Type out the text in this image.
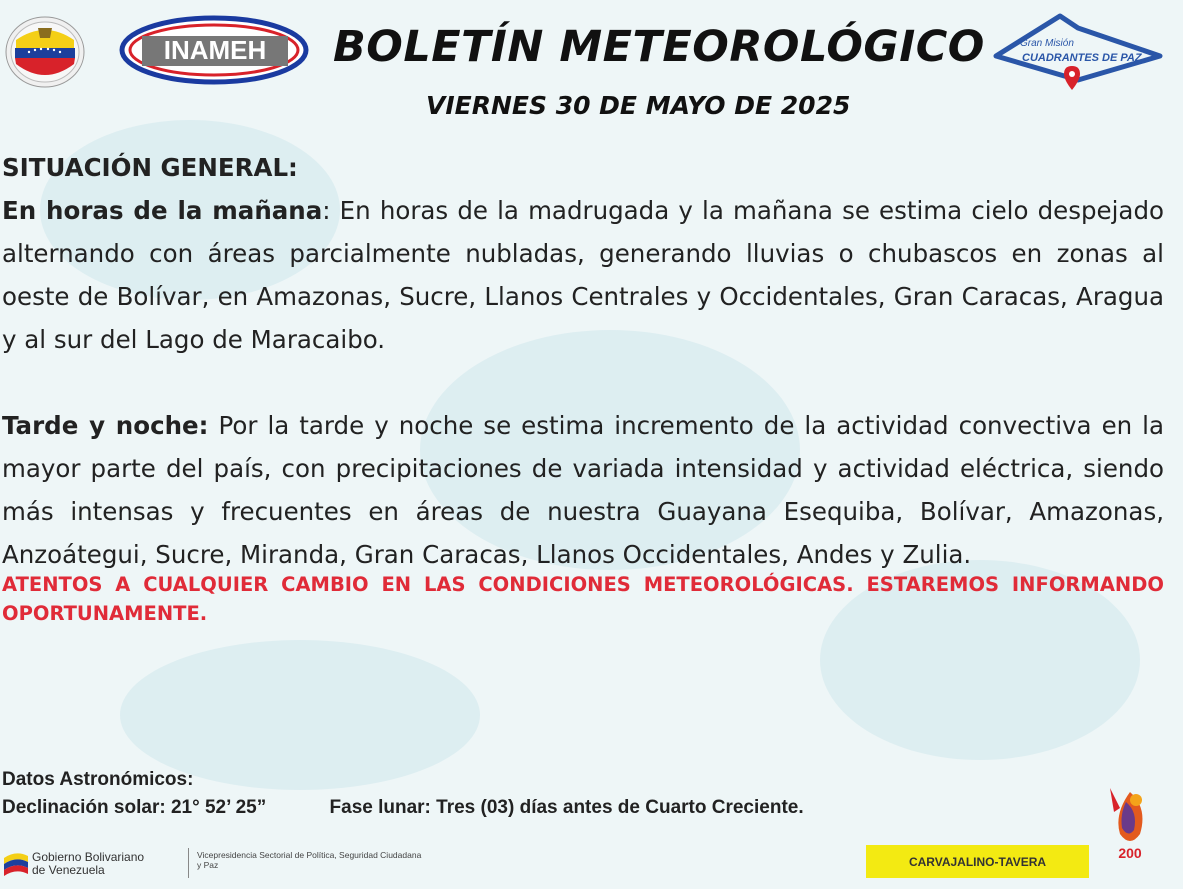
INAMEH BOLETÍN METEOROLÓGICO
VIERNES 30 DE MAYO DE 2025
Gran Misión
CUADRANTES DE PAZ

SITUACIÓN GENERAL:

En horas de la mañana: En horas de la madrugada y la mañana se estima cielo despejado alternando con áreas parcialmente nubladas, generando lluvias o chubascos en zonas al oeste de Bolívar, en Amazonas, Sucre, Llanos Centrales y Occidentales, Gran Caracas, Aragua y al sur del Lago de Maracaibo.

Tarde y noche: Por la tarde y noche se estima incremento de la actividad convectiva en la mayor parte del país, con precipitaciones de variada intensidad y actividad eléctrica, siendo más intensas y frecuentes en áreas de nuestra Guayana Esequiba, Bolívar, Amazonas, Anzoátegui, Sucre, Miranda, Gran Caracas, Llanos Occidentales, Andes y Zulia.

ATENTOS A CUALQUIER CAMBIO EN LAS CONDICIONES METEOROLÓGICAS. ESTAREMOS INFORMANDO OPORTUNAMENTE.

Datos Astronómicos:
Declinación solar: 21° 52’ 25”	Fase lunar: Tres (03) días antes de Cuarto Creciente.
Gobierno Bolivariano
de Venezuela
Vicepresidencia Sectorial de Política, Seguridad Ciudadana y Paz	CARVAJALINO-TAVERA
200
